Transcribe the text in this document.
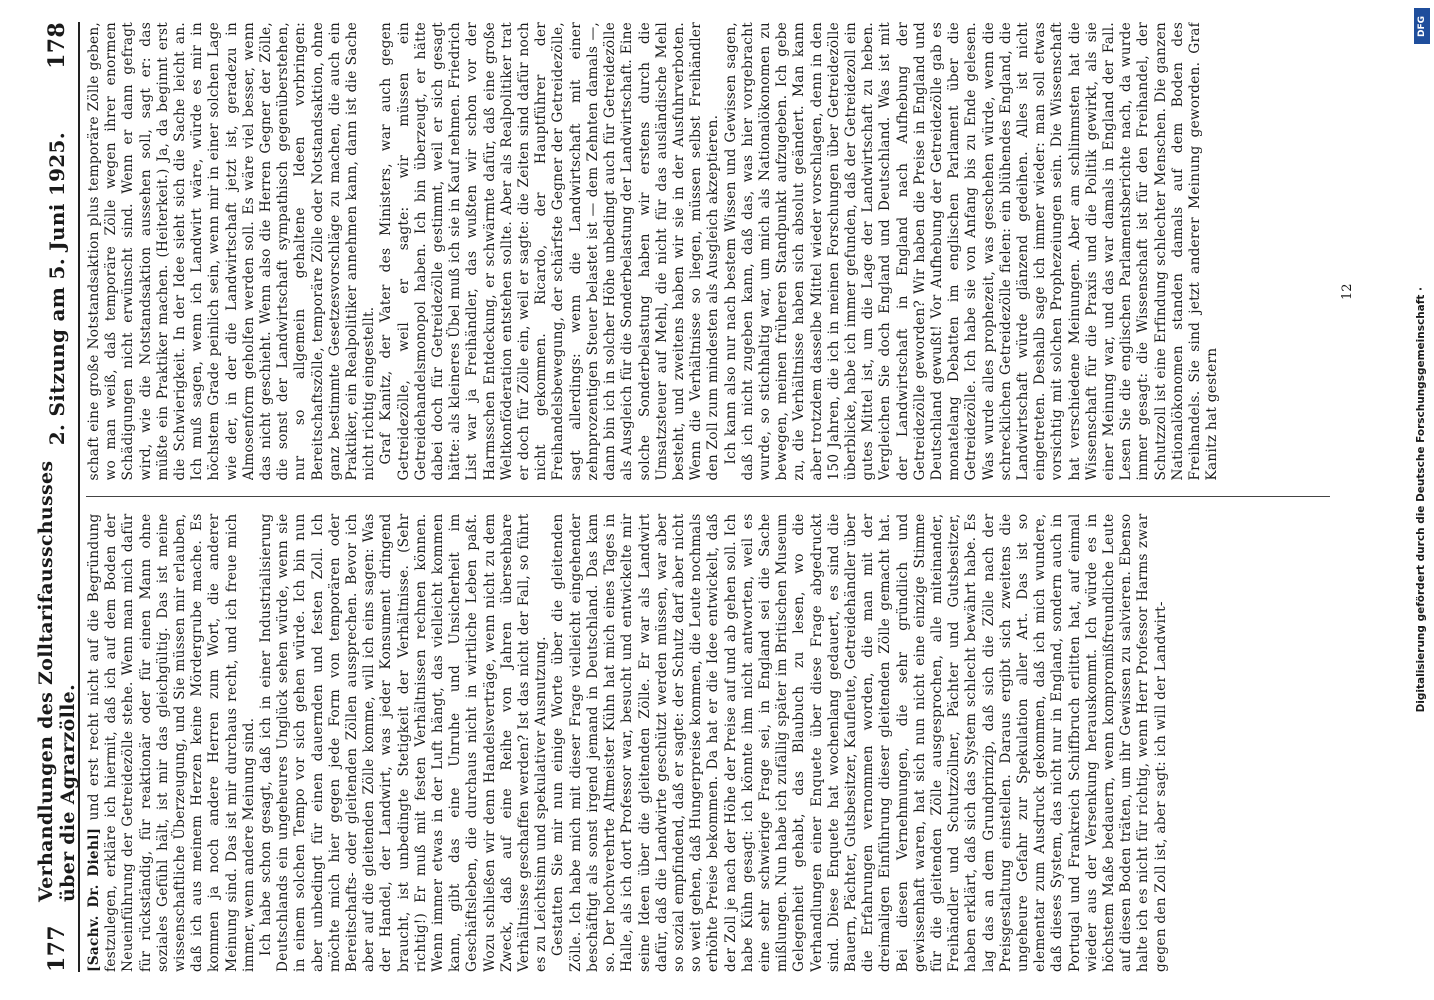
177
Verhandlungen des Zolltarifausschusses über die Agrarzölle.
2. Sitzung am 5. Juni 1925.
178

[Sachv. Dr. Diehl] und erst recht nicht auf die Begründung festzulegen, erkläre ich hiermit, daß ich auf dem Boden der Neueinführung der Getreidezölle stehe. Wenn man mich dafür für rückständig, für reaktionär oder für einen Mann ohne soziales Gefühl hält, ist mir das gleichgültig. Das ist meine wissenschaftliche Überzeugung, und Sie müssen mir erlauben, daß ich aus meinem Herzen keine Mördergrube mache. Es kommen ja noch andere Herren zum Wort, die anderer Meinung sind. Das ist mir durchaus recht, und ich freue mich immer, wenn andere Meinung sind. Ich habe schon gesagt, daß ich in einer Industrialisierung Deutschlands ein ungeheures Unglück sehen würde, wenn sie in einem solchen Tempo vor sich gehen würde. Ich bin nun aber unbedingt für einen dauernden und festen Zoll. Ich möchte mich hier gegen jede Form von temporären oder Bereitschafts- oder gleitenden Zöllen aussprechen. Bevor ich aber auf die gleitenden Zölle komme, will ich eins sagen: Was der Handel, der Landwirt, was jeder Konsument dringend braucht, ist unbedingte Stetigkeit der Verhältnisse. (Sehr richtig!) Er muß mit festen Verhältnissen rechnen können. Wenn immer etwas in der Luft hängt, das vielleicht kommen kann, gibt das eine Unruhe und Unsicherheit im Geschäftsleben, die durchaus nicht in wirtliche Leben paßt. Wozu schließen wir denn Handelsverträge, wenn nicht zu dem Zweck, daß auf eine Reihe von Jahren übersehbare Verhältnisse geschaffen werden? Ist das nicht der Fall, so führt es zu Leichtsinn und spekulativer Ausnutzung. Gestatten Sie mir nun einige Worte über die gleitenden Zölle. Ich habe mich mit dieser Frage vielleicht eingehender beschäftigt als sonst irgend jemand in Deutschland. Das kam so. Der hochverehrte Altmeister Kühn hat mich eines Tages in Halle, als ich dort Professor war, besucht und entwickelte mir seine Ideen über die gleitenden Zölle. Er war als Landwirt dafür, daß die Landwirte geschützt werden müssen, war aber so sozial empfindend, daß er sagte: der Schutz darf aber nicht so weit gehen, daß Hungerpreise kommen, die Leute nochmals erhöhte Preise bekommen. Da hat er die Idee entwickelt, daß der Zoll je nach der Höhe der Preise auf und ab gehen soll. Ich habe Kühn gesagt: ich könnte ihm nicht antworten, weil es eine sehr schwierige Frage sei, in England sei die Sache mißlungen. Nun habe ich zufällig später im Britischen Museum Gelegenheit gehabt, das Blaubuch zu lesen, wo die Verhandlungen einer Enquete über diese Frage abgedruckt sind. Diese Enquete hat wochenlang gedauert, es sind die Bauern, Pächter, Gutsbesitzer, Kaufleute, Getreidehändler über die Erfahrungen vernommen worden, die man mit der dreimaligen Einführung dieser gleitenden Zölle gemacht hat. Bei diesen Vernehmungen, die sehr gründlich und gewissenhaft waren, hat sich nun nicht eine einzige Stimme für die gleitenden Zölle ausgesprochen, alle miteinander, Freihändler und Schutzzöllner, Pächter und Gutsbesitzer, haben erklärt, daß sich das System schlecht bewährt habe. Es lag das an dem Grundprinzip, daß sich die Zölle nach der Preisgestaltung einstellen. Daraus ergibt sich zweitens die ungeheure Gefahr zur Spekulation aller Art. Das ist so elementar zum Ausdruck gekommen, daß ich mich wundere, daß dieses System, das nicht nur in England, sondern auch in Portugal und Frankreich Schiffbruch erlitten hat, auf einmal wieder aus der Versenkung herauskommt. Ich würde es in höchstem Maße bedauern, wenn kompromißfreundliche Leute auf diesen Boden träten, um ihr Gewissen zu salvieren. Ebenso halte ich es nicht für richtig, wenn Herr Professor Harms zwar gegen den Zoll ist, aber sagt: ich will der Landwirt-

schaft eine große Notstandsaktion plus temporäre Zölle geben, wo man weiß, daß temporäre Zölle wegen ihrer enormen Schädigungen nicht erwünscht sind. Wenn er dann gefragt wird, wie die Notstandsaktion aussehen soll, sagt er: das müßte ein Praktiker machen. (Heiterkeit.) Ja, da beginnt erst die Schwierigkeit. In der Idee sieht sich die Sache leicht an. Ich muß sagen, wenn ich Landwirt wäre, würde es mir in höchstem Grade peinlich sein, wenn mir in einer solchen Lage wie der, in der die Landwirtschaft jetzt ist, geradezu in Almosenform geholfen werden soll. Es wäre viel besser, wenn das nicht geschieht. Wenn also die Herren Gegner der Zölle, die sonst der Landwirtschaft sympathisch gegenüberstehen, nur so allgemein gehaltene Ideen vorbringen: Bereitschaftszölle, temporäre Zölle oder Notstandsaktion, ohne ganz bestimmte Gesetzesvorschläge zu machen, die auch ein Praktiker, ein Realpolitiker annehmen kann, dann ist die Sache nicht richtig eingestellt. Graf Kanitz, der Vater des Ministers, war auch gegen Getreidezölle, weil er sagte: wir müssen ein Getreidehandelsmonopol haben. Ich bin überzeugt, er hätte dabei doch für Getreidezölle gestimmt, weil er sich gesagt hätte: als kleineres Übel muß ich sie in Kauf nehmen. Friedrich List war ja Freihändler, das wußten wir schon vor der Harmsschen Entdeckung, er schwärmte dafür, daß eine große Weltkonföderation entstehen sollte. Aber als Realpolitiker trat er doch für Zölle ein, weil er sagte: die Zeiten sind dafür noch nicht gekommen. Ricardo, der Hauptführer der Freihandelsbewegung, der schärfste Gegner der Getreidezölle, sagt allerdings: wenn die Landwirtschaft mit einer zehnprozentigen Steuer belastet ist — dem Zehnten damals —, dann bin ich in solcher Höhe unbedingt auch für Getreidezölle als Ausgleich für die Sonderbelastung der Landwirtschaft. Eine solche Sonderbelastung haben wir erstens durch die Umsatzsteuer auf Mehl, die nicht für das ausländische Mehl besteht, und zweitens haben wir sie in der Ausfuhrverboten. Wenn die Verhältnisse so liegen, müssen selbst Freihändler den Zoll zum mindesten als Ausgleich akzeptieren. Ich kann also nur nach bestem Wissen und Gewissen sagen, daß ich nicht zugeben kann, daß das, was hier vorgebracht wurde, so stichhaltig war, um mich als Nationalökonomen zu bewegen, meinen früheren Standpunkt aufzugeben. Ich gebe zu, die Verhältnisse haben sich absolut geändert. Man kann aber trotzdem dasselbe Mittel wieder vorschlagen, denn in den 150 Jahren, die ich in meinen Forschungen über Getreidezölle überblicke, habe ich immer gefunden, daß der Getreidezoll ein gutes Mittel ist, um die Lage der Landwirtschaft zu heben. Vergleichen Sie doch England und Deutschland. Was ist mit der Landwirtschaft in England nach Aufhebung der Getreidezölle geworden? Wir haben die Preise in England und Deutschland gewußt! Vor Aufhebung der Getreidezölle gab es monatelang Debatten im englischen Parlament über die Getreidezölle. Ich habe sie von Anfang bis zu Ende gelesen. Was wurde alles prophezeit, was geschehen würde, wenn die schrecklichen Getreidezölle fielen: ein blühendes England, die Landwirtschaft würde glänzend gedeihen. Alles ist nicht eingetreten. Deshalb sage ich immer wieder: man soll etwas vorsichtig mit solchen Prophezeiungen sein. Die Wissenschaft hat verschiedene Meinungen. Aber am schlimmsten hat die Wissenschaft für die Praxis und die Politik gewirkt, als sie einer Meinung war, und das war damals in England der Fall. Lesen Sie die englischen Parlamentsberichte nach, da wurde immer gesagt: die Wissenschaft ist für den Freihandel, der Schutzzoll ist eine Erfindung schlechter Menschen. Die ganzen Nationalökonomen standen damals auf dem Boden des Freihandels. Sie sind jetzt anderer Meinung geworden. Graf Kanitz hat gestern

12	Digitalisierung gefördert durch die Deutsche Forschungsgemeinschaft ·
DFG
